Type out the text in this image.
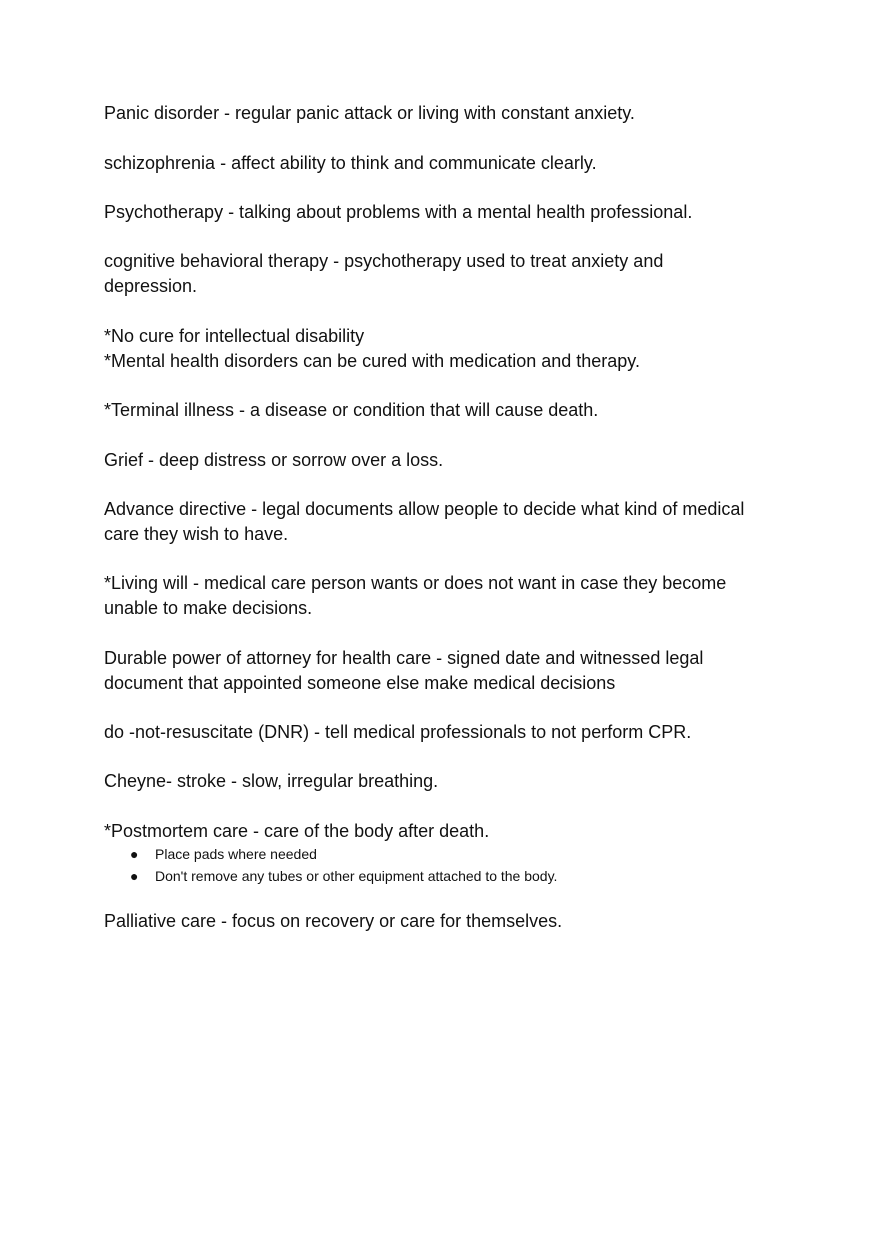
Panic disorder - regular panic attack or living with constant anxiety.

schizophrenia - affect ability to think and communicate clearly.

Psychotherapy - talking about problems with a mental health professional.

cognitive behavioral therapy - psychotherapy used to treat anxiety and

depression.

*No cure for intellectual disability

*Mental health disorders can be cured with medication and therapy.

*Terminal illness - a disease or condition that will cause death.

Grief - deep distress or sorrow over a loss.

Advance directive - legal documents allow people to decide what kind of medical

care they wish to have.

*Living will - medical care person wants or does not want in case they become

unable to make decisions.

Durable power of attorney for health care - signed date and witnessed legal

document that appointed someone else make medical decisions

do -not-resuscitate (DNR) - tell medical professionals to not perform CPR.

Cheyne- stroke - slow, irregular breathing.

*Postmortem care - care of the body after death.

● Place pads where needed
● Don't remove any tubes or other equipment attached to the body.

Palliative care - focus on recovery or care for themselves.
